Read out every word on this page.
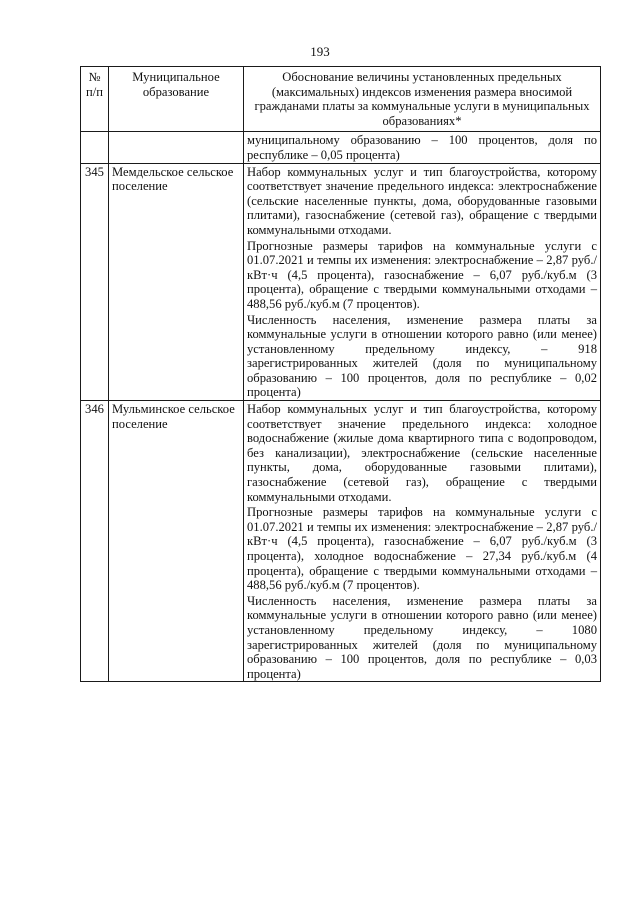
193
№ п/п	Муниципальное образование	Обоснование величины установленных предельных (максимальных) индексов изменения размера вносимой гражданами платы за коммунальные услуги в муниципальных образованиях*
		муниципальному образованию – 100 процентов, доля по республике – 0,05 процента)
345	Мемдельское сельское поселение	Набор коммунальных услуг и тип благоустройства, которому соответствует значение предельного индекса: электроснабжение (сельские населенные пункты, дома, оборудованные газовыми плитами), газоснабжение (сетевой газ), обращение с твердыми коммунальными отходами.

Прогнозные размеры тарифов на коммунальные услуги с 01.07.2021 и темпы их изменения: электроснабжение – 2,87 руб./кВт·ч (4,5 процента), газоснабжение – 6,07 руб./куб.м (3 процента), обращение с твердыми коммунальными отходами – 488,56 руб./куб.м (7 процентов).

Численность населения, изменение размера платы за коммунальные услуги в отношении которого равно (или менее) установленному предельному индексу, – 918 зарегистрированных жителей (доля по муниципальному образованию – 100 процентов, доля по республике – 0,02 процента)

346	Мульминское сельское поселение	Набор коммунальных услуг и тип благоустройства, которому соответствует значение предельного индекса: холодное водоснабжение (жилые дома квартирного типа с водопроводом, без канализации), электроснабжение (сельские населенные пункты, дома, оборудованные газовыми плитами), газоснабжение (сетевой газ), обращение с твердыми коммунальными отходами.

Прогнозные размеры тарифов на коммунальные услуги с 01.07.2021 и темпы их изменения: электроснабжение – 2,87 руб./кВт·ч (4,5 процента), газоснабжение – 6,07 руб./куб.м (3 процента), холодное водоснабжение – 27,34 руб./куб.м (4 процента), обращение с твердыми коммунальными отходами – 488,56 руб./куб.м (7 процентов).

Численность населения, изменение размера платы за коммунальные услуги в отношении которого равно (или менее) установленному предельному индексу, – 1080 зарегистрированных жителей (доля по муниципальному образованию – 100 процентов, доля по республике – 0,03 процента)
